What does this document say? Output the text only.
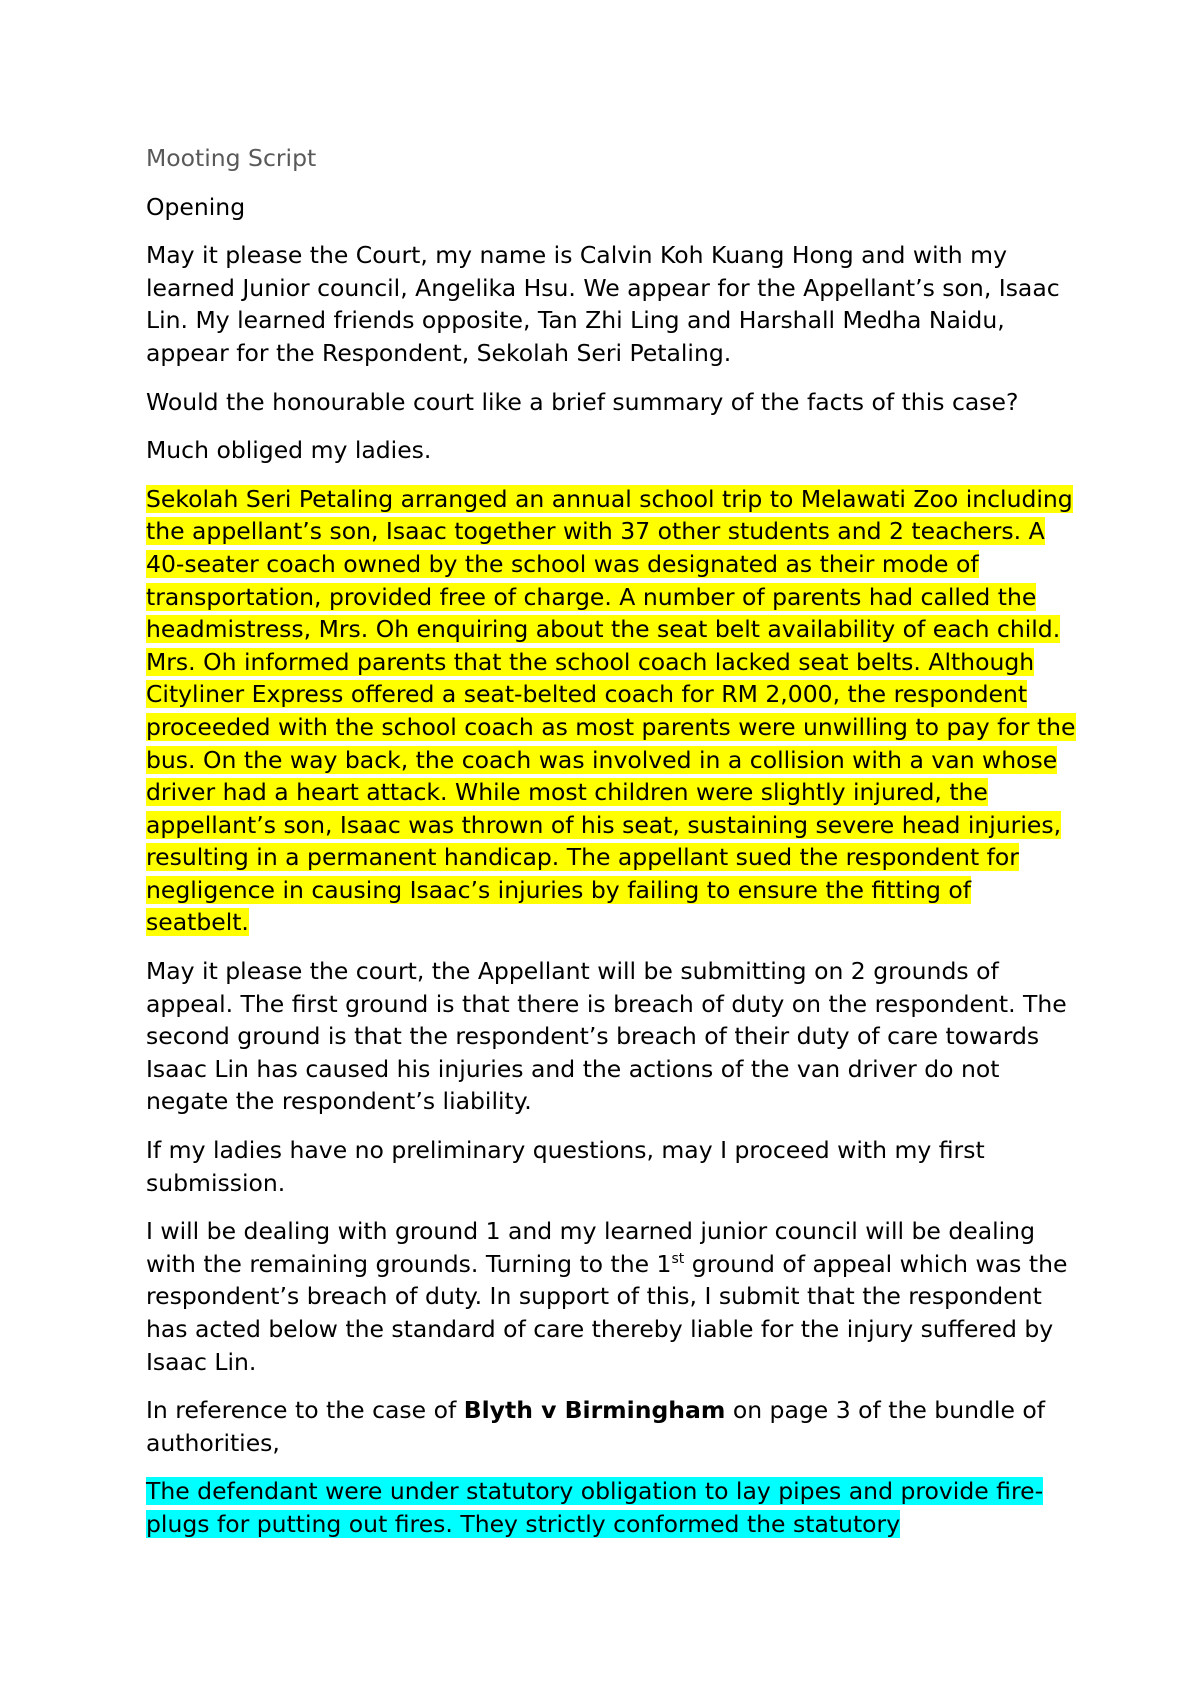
Mooting Script

Opening

May it please the Court, my name is Calvin Koh Kuang Hong and with my learned Junior council, Angelika Hsu. We appear for the Appellant’s son, Isaac Lin. My learned friends opposite, Tan Zhi Ling and Harshall Medha Naidu, appear for the Respondent, Sekolah Seri Petaling.

Would the honourable court like a brief summary of the facts of this case?

Much obliged my ladies.

Sekolah Seri Petaling arranged an annual school trip to Melawati Zoo including the appellant’s son, Isaac together with 37 other students and 2 teachers. A 40-seater coach owned by the school was designated as their mode of transportation, provided free of charge. A number of parents had called the headmistress, Mrs. Oh enquiring about the seat belt availability of each child. Mrs. Oh informed parents that the school coach lacked seat belts. Although Cityliner Express offered a seat-belted coach for RM 2,000, the respondent proceeded with the school coach as most parents were unwilling to pay for the bus. On the way back, the coach was involved in a collision with a van whose driver had a heart attack. While most children were slightly injured, the appellant’s son, Isaac was thrown of his seat, sustaining severe head injuries, resulting in a permanent handicap. The appellant sued the respondent for negligence in causing Isaac’s injuries by failing to ensure the fitting of seatbelt.

May it please the court, the Appellant will be submitting on 2 grounds of appeal. The first ground is that there is breach of duty on the respondent. The second ground is that the respondent’s breach of their duty of care towards Isaac Lin has caused his injuries and the actions of the van driver do not negate the respondent’s liability.

If my ladies have no preliminary questions, may I proceed with my first submission.

I will be dealing with ground 1 and my learned junior council will be dealing with the remaining grounds. Turning to the 1st ground of appeal which was the respondent’s breach of duty. In support of this, I submit that the respondent has acted below the standard of care thereby liable for the injury suffered by Isaac Lin.

In reference to the case of Blyth v Birmingham on page 3 of the bundle of authorities,

The defendant were under statutory obligation to lay pipes and provide fire-plugs for putting out fires. They strictly conformed the statutory
